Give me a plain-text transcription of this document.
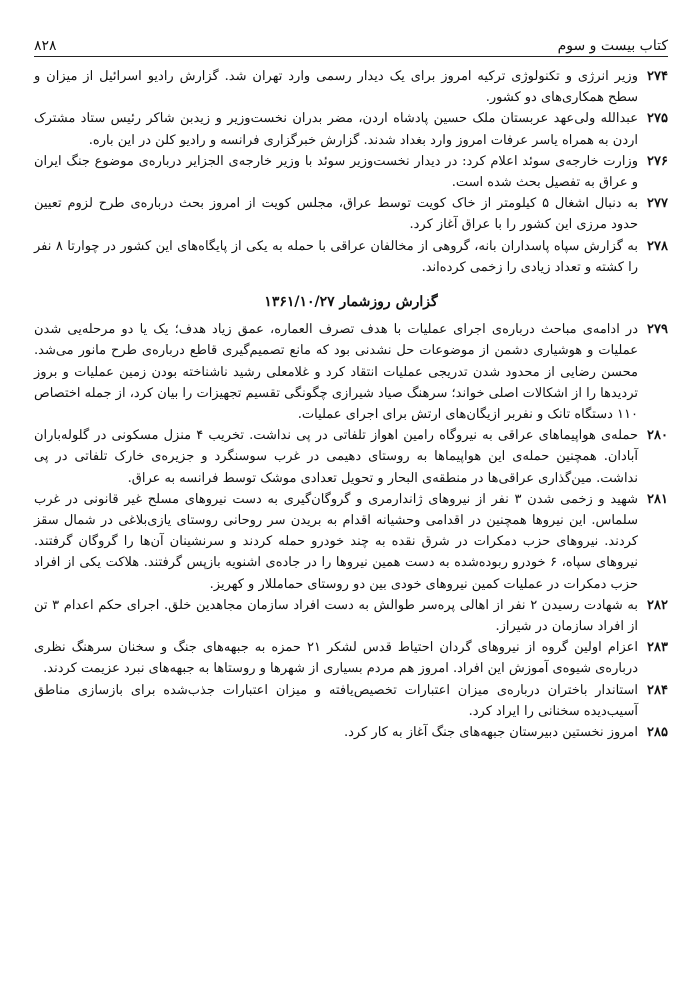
کتاب بیست و سوم
۸۲۸
۲۷۴
وزیر انرژی و تکنولوژی ترکیه امروز برای یک دیدار رسمی وارد تهران شد. گزارش رادیو اسرائیل از میزان و سطح همکاری‌های دو کشور.
۲۷۵
عبدالله ولی‌عهد عربستان ملک حسین پادشاه اردن، مضر بدران نخست‌وزیر و زیدبن شاکر رئیس ستاد مشترک اردن به همراه یاسر عرفات امروز وارد بغداد شدند. گزارش خبرگزاری فرانسه و رادیو کلن در این باره.
۲۷۶
وزارت خارجه‌ی سوئد اعلام کرد: در دیدار نخست‌وزیر سوئد با وزیر خارجه‌ی الجزایر درباره‌ی موضوع جنگ ایران و عراق به تفصیل بحث شده است.
۲۷۷
به دنبال اشغال ۵ کیلومتر از خاک کویت توسط عراق، مجلس کویت از امروز بحث درباره‌ی طرح لزوم تعیین حدود مرزی این کشور را با عراق آغاز کرد.
۲۷۸
به گزارش سپاه پاسداران بانه، گروهی از مخالفان عراقی با حمله به یکی از پایگاه‌های این کشور در چوارتا ۸ نفر را کشته و تعداد زیادی را زخمی کرده‌اند.
گزارش روزشمار ۱۳۶۱/۱۰/۲۷
۲۷۹
در ادامه‌ی مباحث درباره‌ی اجرای عملیات با هدف تصرف العماره، عمق زیاد هدف؛ یک یا دو مرحله‌یی شدن عملیات و هوشیاری دشمن از موضوعات حل نشدنی بود که مانع تصمیم‌گیری قاطع درباره‌ی طرح مانور می‌شد. محسن رضایی از محدود شدن تدریجی عملیات انتقاد کرد و غلامعلی رشید ناشناخته بودن زمین عملیات و بروز تردیدها را از اشکالات اصلی خواند؛ سرهنگ صیاد شیرازی چگونگی تقسیم تجهیزات را بیان کرد، از جمله اختصاص ۱۱۰ دستگاه تانک و نفربر ازیگان‌های ارتش برای اجرای عملیات.
۲۸۰
حمله‌ی هواپیماهای عراقی به نیروگاه رامین اهواز تلفاتی در پی نداشت. تخریب ۴ منزل مسکونی در گلوله‌باران آبادان. همچنین حمله‌ی این هواپیماها به روستای دهیمی در غرب سوسنگرد و جزیره‌ی خارک تلفاتی در پی نداشت. مین‌گذاری عراقی‌ها در منطقه‌ی البحار و تحویل تعدادی موشک توسط فرانسه به عراق.
۲۸۱
شهید و زخمی شدن ۳ نفر از نیروهای ژاندارمری و گروگان‌گیری به دست نیروهای مسلح غیر قانونی در غرب سلماس. این نیروها همچنین در اقدامی وحشیانه اقدام به بریدن سر روحانی روستای یازی‌بلاغی در شمال سقز کردند. نیروهای حزب دمکرات در شرق نقده به چند خودرو حمله کردند و سرنشینان آن‌ها را گروگان گرفتند. نیروهای سپاه، ۶ خودرو ربوده‌شده به دست همین نیروها را در جاده‌ی اشنویه بازپس گرفتند. هلاکت یکی از افراد حزب دمکرات در عملیات کمین نیروهای خودی بین دو روستای حمامللار و کهریز.
۲۸۲
به شهادت رسیدن ۲ نفر از اهالی پرەسر طوالش به دست افراد سازمان مجاهدین خلق. اجرای حکم اعدام ۳ تن از افراد سازمان در شیراز.
۲۸۳
اعزام اولین گروه از نیروهای گردان احتیاط قدس لشکر ۲۱ حمزه به جبهه‌های جنگ و سخنان سرهنگ نظری درباره‌ی شیوه‌ی آموزش این افراد. امروز هم مردم بسیاری از شهرها و روستاها به جبهه‌های نبرد عزیمت کردند.
۲۸۴
استاندار باختران درباره‌ی میزان اعتبارات تخصیص‌یافته و میزان اعتبارات جذب‌شده برای بازسازی مناطق آسیب‌دیده سخنانی را ایراد کرد.
۲۸۵
امروز نخستین دبیرستان جبهه‌های جنگ آغاز به کار کرد.
